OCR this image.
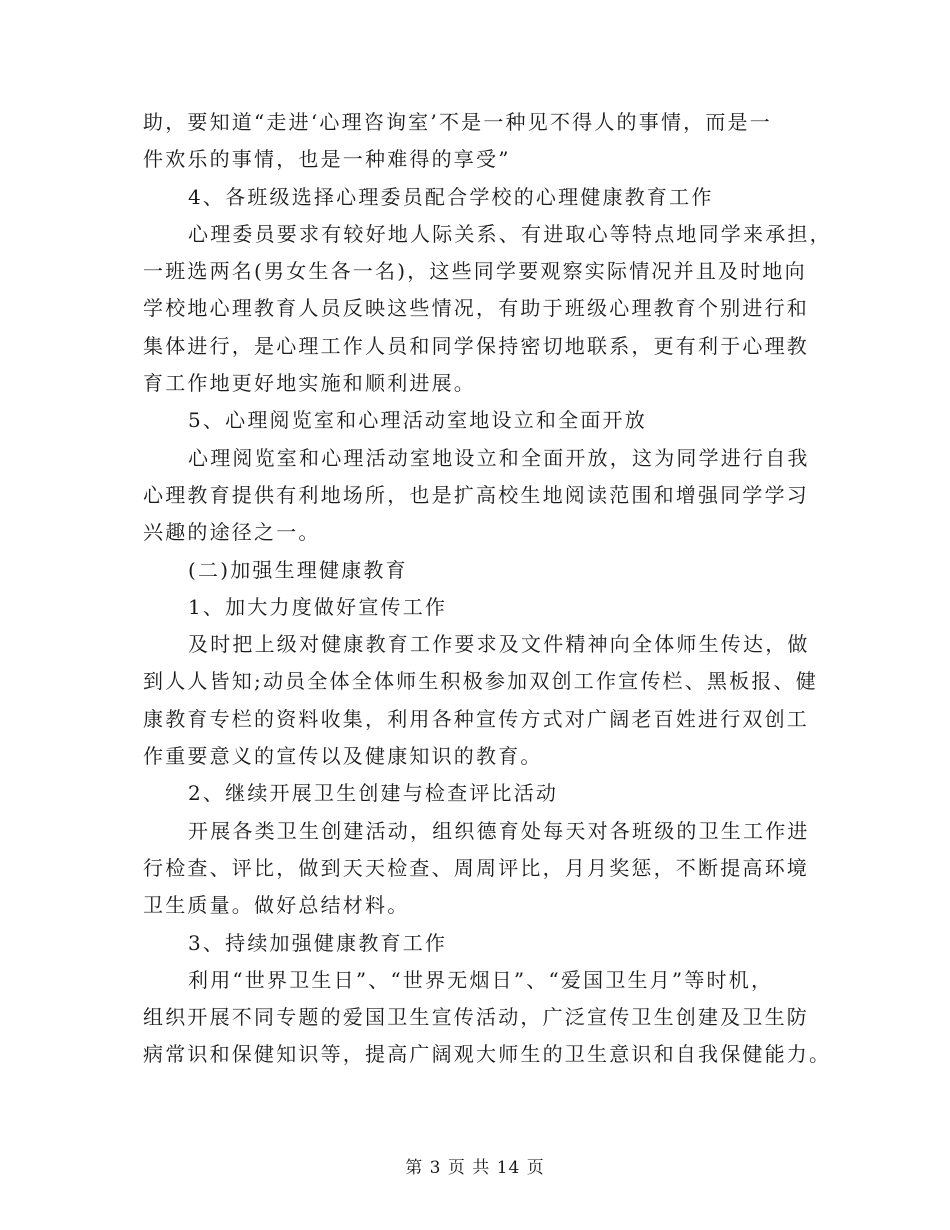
助，要知道“走进‘心理咨询室’不是一种见不得人的事情，而是一
件欢乐的事情，也是一种难得的享受”
4、各班级选择心理委员配合学校的心理健康教育工作
心理委员要求有较好地人际关系、有进取心等特点地同学来承担，
一班选两名(男女生各一名)，这些同学要观察实际情况并且及时地向
学校地心理教育人员反映这些情况，有助于班级心理教育个别进行和
集体进行，是心理工作人员和同学保持密切地联系，更有利于心理教
育工作地更好地实施和顺利进展。
5、心理阅览室和心理活动室地设立和全面开放
心理阅览室和心理活动室地设立和全面开放，这为同学进行自我
心理教育提供有利地场所，也是扩高校生地阅读范围和增强同学学习
兴趣的途径之一。
(二)加强生理健康教育
1、加大力度做好宣传工作
及时把上级对健康教育工作要求及文件精神向全体师生传达，做
到人人皆知;动员全体全体师生积极参加双创工作宣传栏、黑板报、健
康教育专栏的资料收集，利用各种宣传方式对广阔老百姓进行双创工
作重要意义的宣传以及健康知识的教育。
2、继续开展卫生创建与检查评比活动
开展各类卫生创建活动，组织德育处每天对各班级的卫生工作进
行检查、评比，做到天天检查、周周评比，月月奖惩，不断提高环境
卫生质量。做好总结材料。
3、持续加强健康教育工作
利用“世界卫生日”、“世界无烟日”、“爱国卫生月”等时机，
组织开展不同专题的爱国卫生宣传活动，广泛宣传卫生创建及卫生防
病常识和保健知识等，提高广阔观大师生的卫生意识和自我保健能力。
第 3 页 共 14 页
